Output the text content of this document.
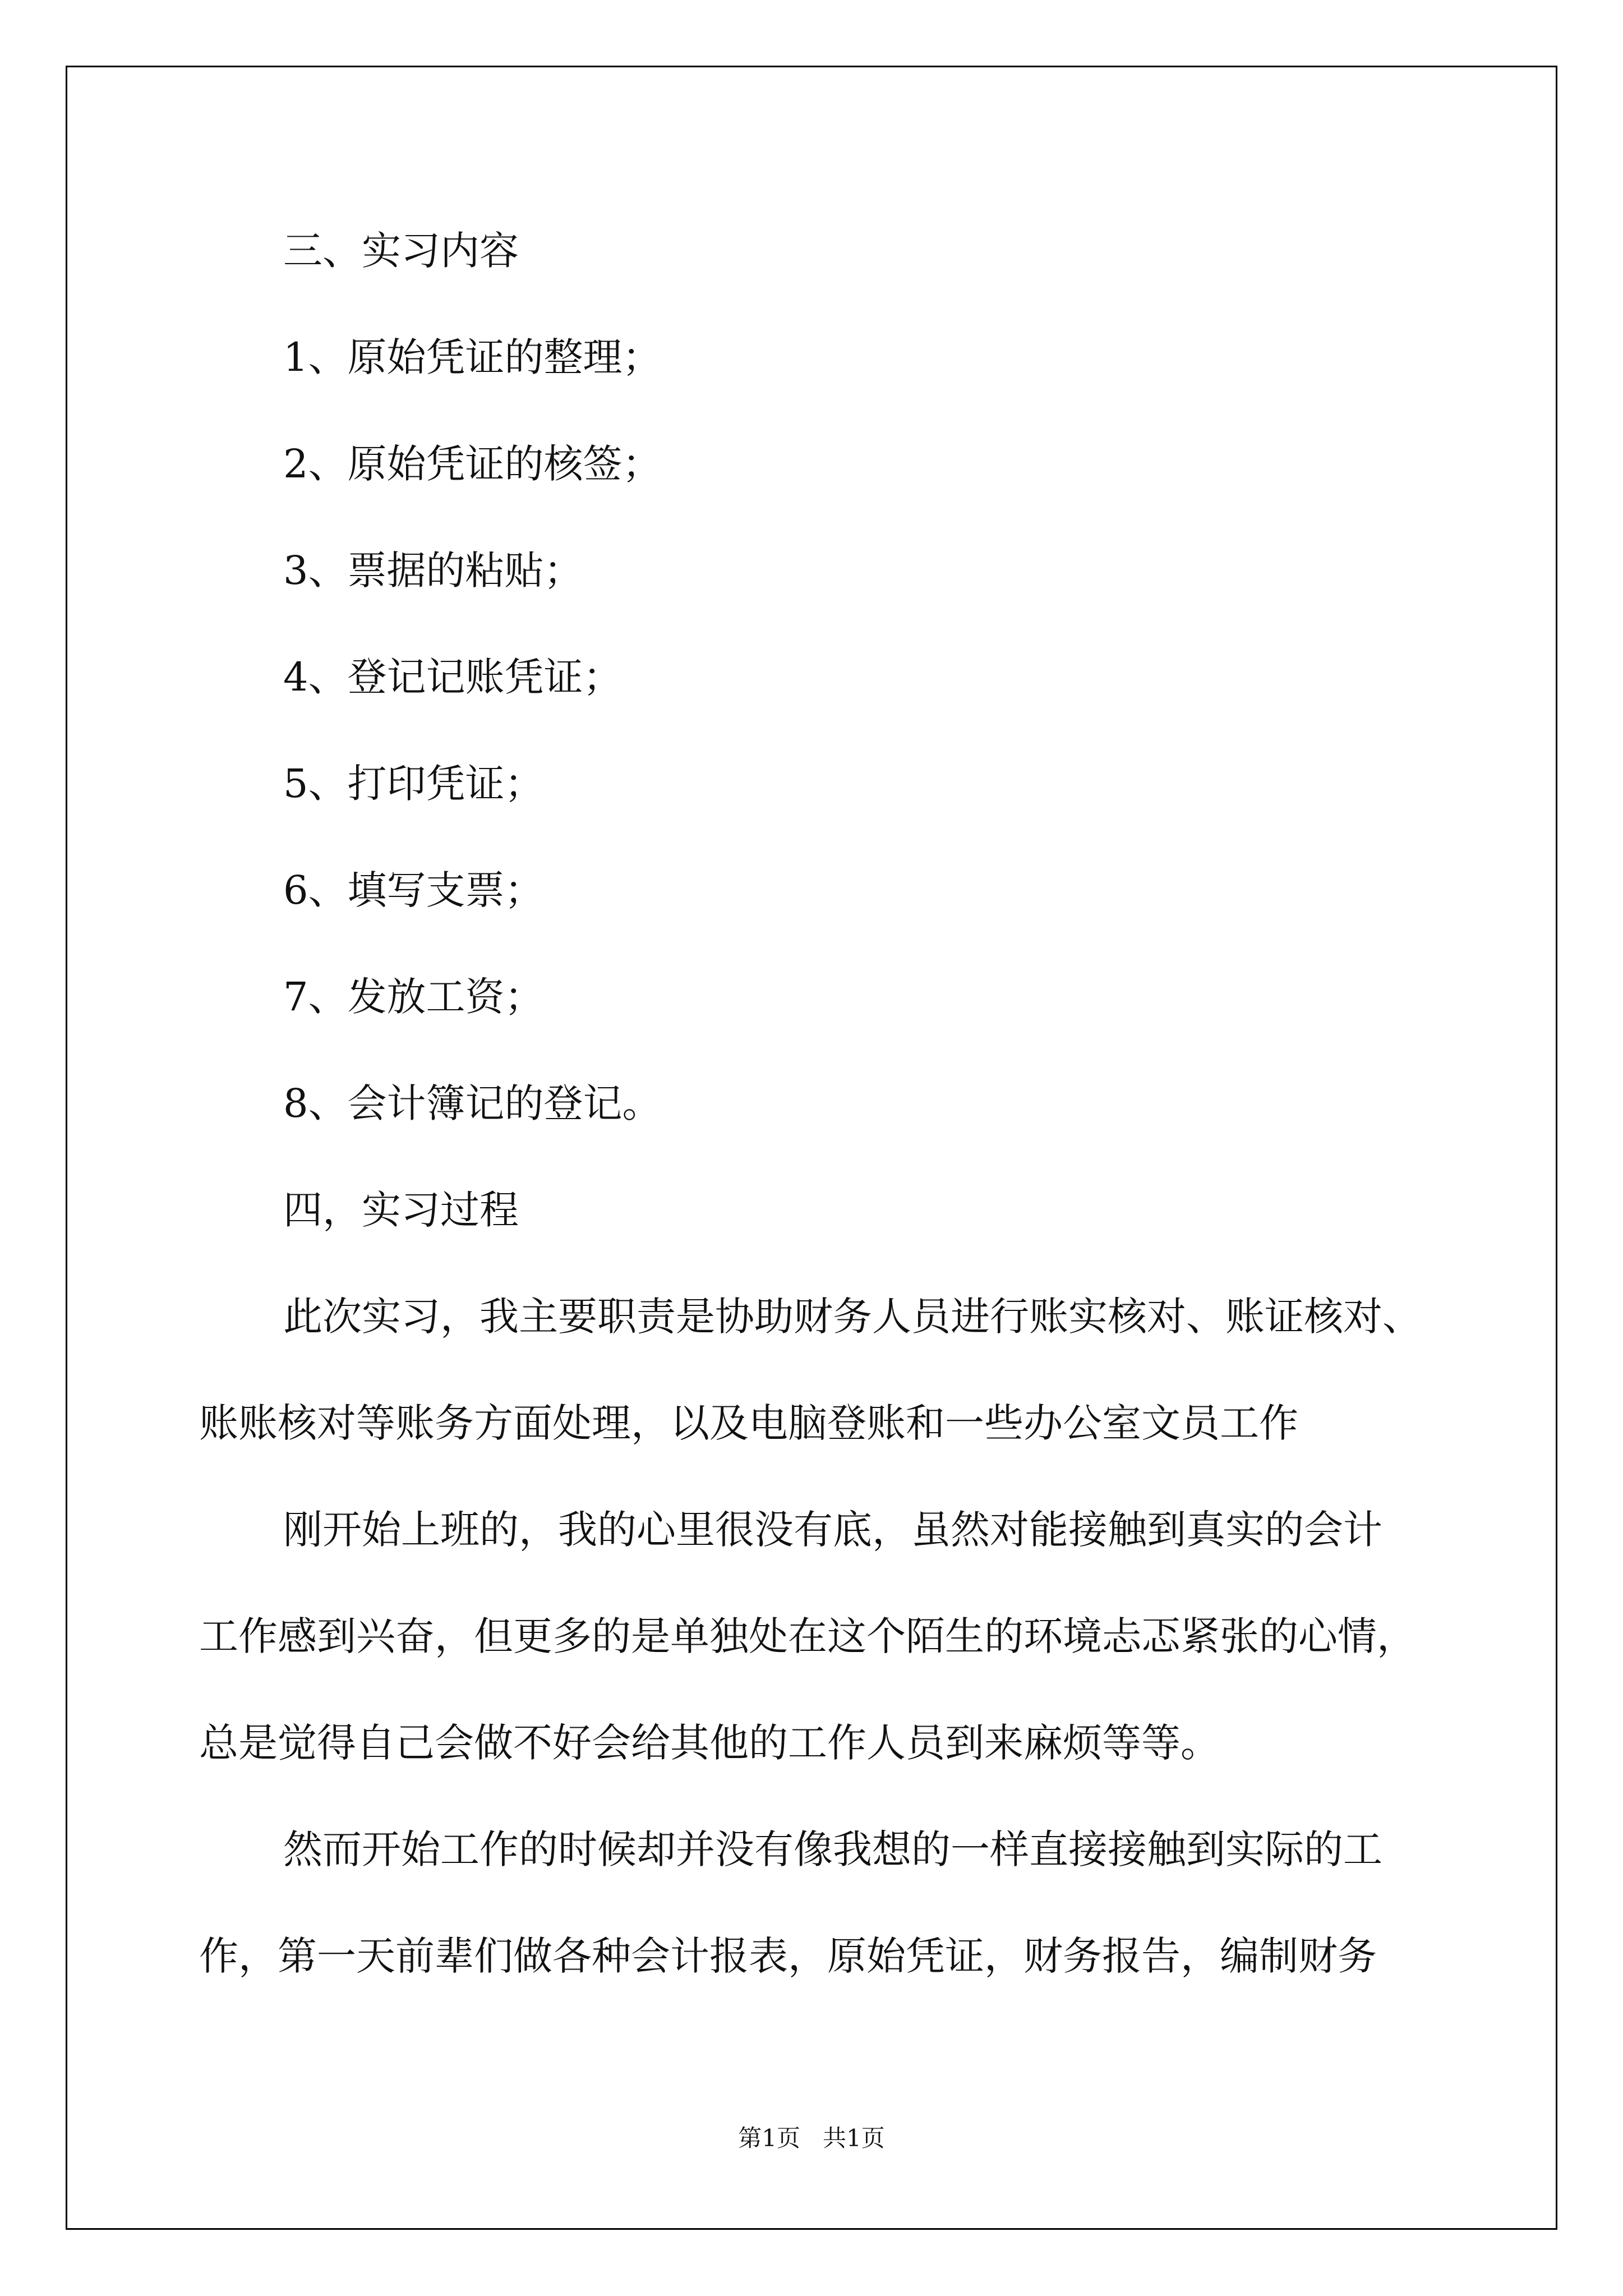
三、实习内容
1、原始凭证的整理；
2、原始凭证的核签；
3、票据的粘贴；
4、登记记账凭证；
5、打印凭证；
6、填写支票；
7、发放工资；
8、会计簿记的登记。
四，实习过程
此次实习，我主要职责是协助财务人员进行账实核对、账证核对、
账账核对等账务方面处理，以及电脑登账和一些办公室文员工作
刚开始上班的，我的心里很没有底，虽然对能接触到真实的会计
工作感到兴奋，但更多的是单独处在这个陌生的环境忐忑紧张的心情，
总是觉得自己会做不好会给其他的工作人员到来麻烦等等。
然而开始工作的时候却并没有像我想的一样直接接触到实际的工
作，第一天前辈们做各种会计报表，原始凭证，财务报告，编制财务
第1页   共1页
